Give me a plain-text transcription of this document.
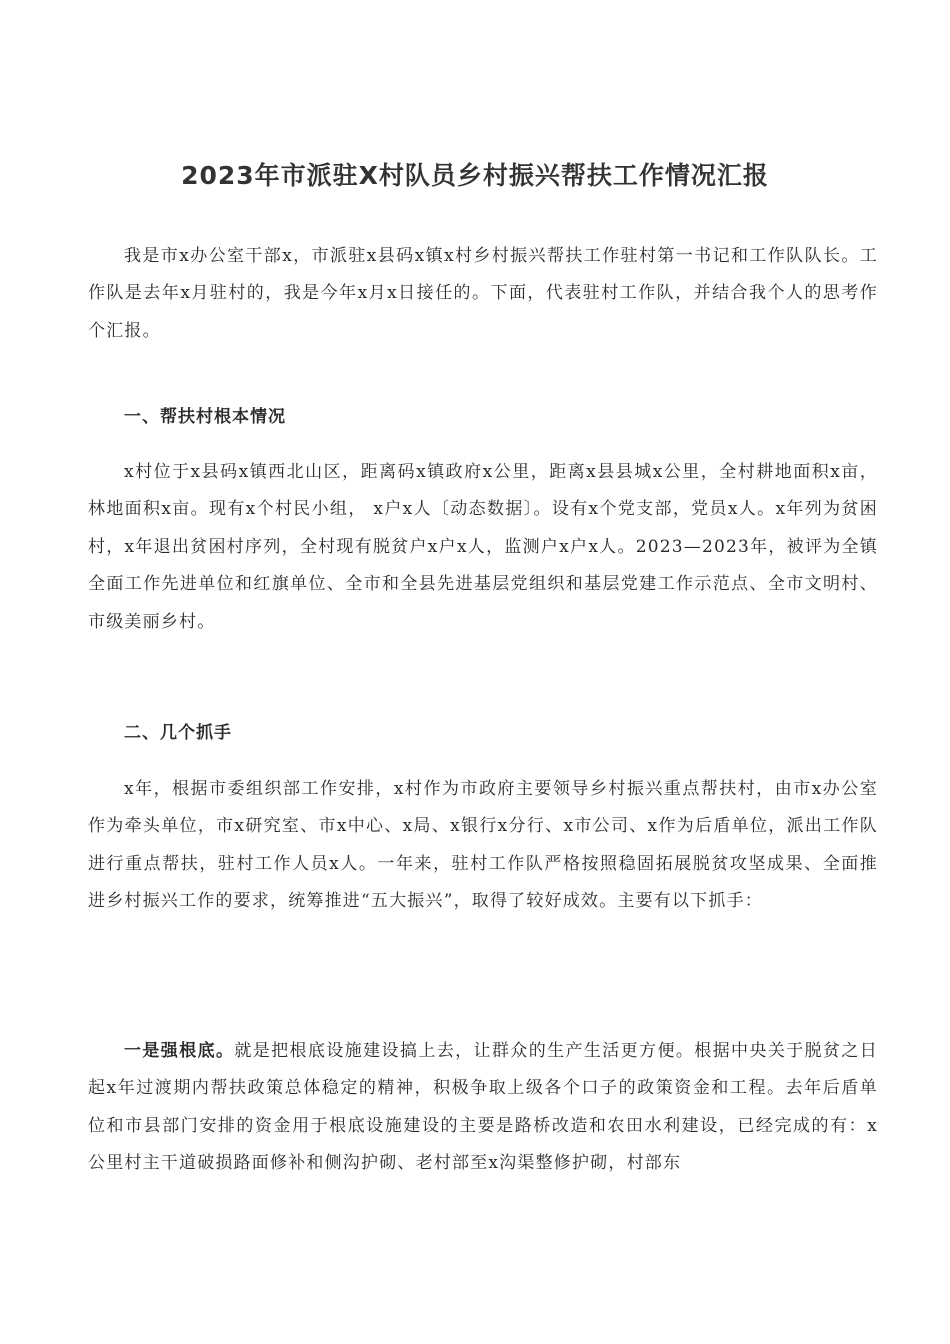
2023年市派驻X村队员乡村振兴帮扶工作情况汇报

我是市x办公室干部x，市派驻x县码x镇x村乡村振兴帮扶工作驻村第一书记和工作队队长。工作队是去年x月驻村的，我是今年x月x日接任的。下面，代表驻村工作队，并结合我个人的思考作个汇报。

一、帮扶村根本情况

x村位于x县码x镇西北山区，距离码x镇政府x公里，距离x县县城x公里，全村耕地面积x亩，林地面积x亩。现有x个村民小组， x户x人〔动态数据〕。设有x个党支部，党员x人。x年列为贫困村，x年退出贫困村序列，全村现有脱贫户x户x人，监测户x户x人。2023—2023年，被评为全镇全面工作先进单位和红旗单位、全市和全县先进基层党组织和基层党建工作示范点、全市文明村、市级美丽乡村。

二、几个抓手

x年，根据市委组织部工作安排，x村作为市政府主要领导乡村振兴重点帮扶村，由市x办公室作为牵头单位，市x研究室、市x中心、x局、x银行x分行、x市公司、x作为后盾单位，派出工作队进行重点帮扶，驻村工作人员x人。一年来，驻村工作队严格按照稳固拓展脱贫攻坚成果、全面推进乡村振兴工作的要求，统筹推进“五大振兴”，取得了较好成效。主要有以下抓手：

一是强根底。就是把根底设施建设搞上去，让群众的生产生活更方便。根据中央关于脱贫之日起x年过渡期内帮扶政策总体稳定的精神，积极争取上级各个口子的政策资金和工程。去年后盾单位和市县部门安排的资金用于根底设施建设的主要是路桥改造和农田水利建设，已经完成的有：x公里村主干道破损路面修补和侧沟护砌、老村部至x沟渠整修护砌，村部东
